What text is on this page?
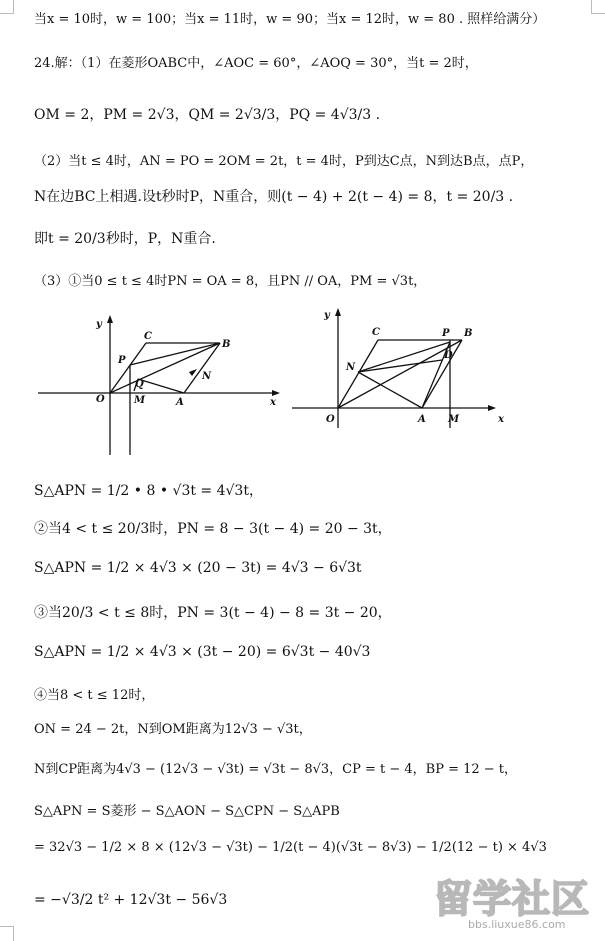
当x = 10时，w = 100；当x = 11时，w = 90；当x = 12时，w = 80 . 照样给满分）
24.解：（1）在菱形OABC中，∠AOC = 60°，∠AOQ = 30°，当t = 2时，
OM = 2，PM = 2√3，QM = 2√3/3，PQ = 4√3/3 .
（2）当t ≤ 4时，AN = PO = 2OM = 2t，t = 4时，P到达C点，N到达B点，点P，
N在边BC上相遇.设t秒时P，N重合，则(t − 4) + 2(t − 4) = 8，t = 20/3 .
即t = 20/3秒时，P，N重合.
（3）①当0 ≤ t ≤ 4时PN = OA = 8，且PN // OA，PM = √3t，
y
x
O
C
B
P
Q
M	A
N
y
x
O
C	P B
N
D
A M
S△APN = 1/2 • 8 • √3t = 4√3t，
②当4 < t ≤ 20/3时，PN = 8 − 3(t − 4) = 20 − 3t，
S△APN = 1/2 × 4√3 × (20 − 3t) = 4√3 − 6√3t
③当20/3 < t ≤ 8时，PN = 3(t − 4) − 8 = 3t − 20，
S△APN = 1/2 × 4√3 × (3t − 20) = 6√3t − 40√3
④当8 < t ≤ 12时，
ON = 24 − 2t，N到OM距离为12√3 − √3t，
N到CP距离为4√3 − (12√3 − √3t) = √3t − 8√3，CP = t − 4，BP = 12 − t，
S△APN = S菱形 − S△AON − S△CPN − S△APB
= 32√3 − 1/2 × 8 × (12√3 − √3t) − 1/2(t − 4)(√3t − 8√3) − 1/2(12 − t) × 4√3
= −√3/2 t² + 12√3t − 56√3	留学社区
bbs.liuxue86.com
